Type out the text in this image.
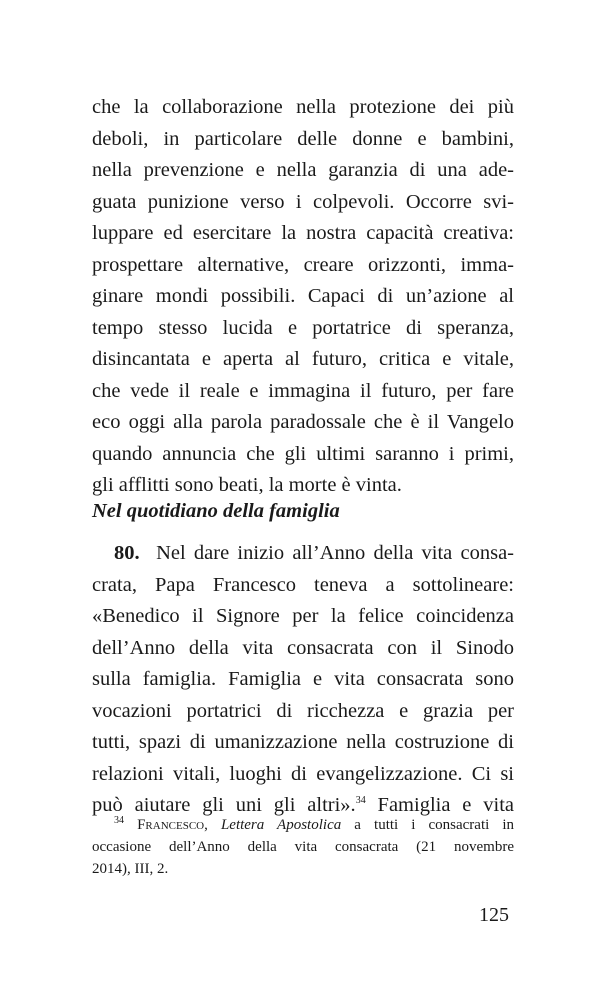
che la collaborazione nella protezione dei più
deboli, in particolare delle donne e bambini,
nella prevenzione e nella garanzia di una ade-
guata punizione verso i colpevoli. Occorre svi-
luppare ed esercitare la nostra capacità creativa:
prospettare alternative, creare orizzonti, imma-
ginare mondi possibili. Capaci di un’azione al
tempo stesso lucida e portatrice di speranza,
disincantata e aperta al futuro, critica e vitale,
che vede il reale e immagina il futuro, per fare
eco oggi alla parola paradossale che è il Vangelo
quando annuncia che gli ultimi saranno i primi,
gli afflitti sono beati, la morte è vinta.

Nel quotidiano della famiglia

80. Nel dare inizio all’Anno della vita consa-
crata, Papa Francesco teneva a sottolineare:
«Benedico il Signore per la felice coincidenza
dell’Anno della vita consacrata con il Sinodo
sulla famiglia. Famiglia e vita consacrata sono
vocazioni portatrici di ricchezza e grazia per
tutti, spazi di umanizzazione nella costruzione di
relazioni vitali, luoghi di evangelizzazione. Ci si
può aiutare gli uni gli altri».$^{34}$ Famiglia e vita

$^{34}$ Francesco, Lettera Apostolica a tutti i consacrati in
occasione dell’Anno della vita consacrata (21 novembre
2014), III, 2.
125
